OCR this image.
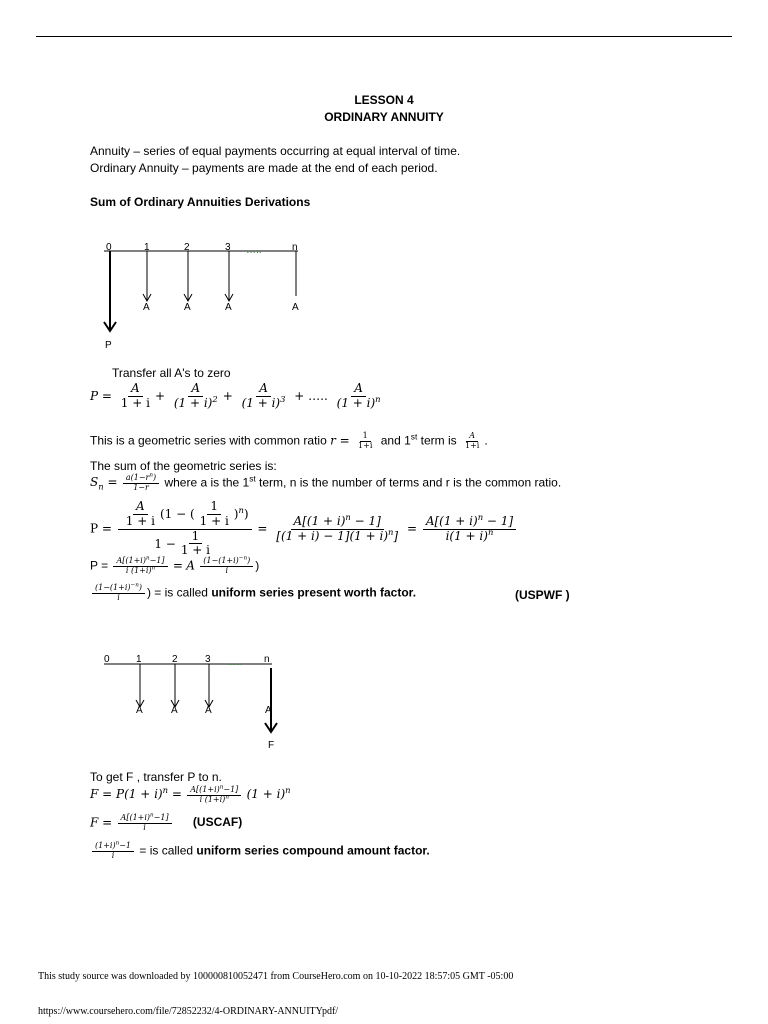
LESSON 4
ORDINARY ANNUITY
Annuity – series of equal payments occurring at equal interval of time.
Ordinary Annuity – payments are made at the end of each period.
Sum of Ordinary Annuities Derivations
0	1	2	3 …..	n
A	A	A	A
P
0	1	2	3 ….. n
A	A	A	A
F
Transfer all A's to zero
$P = \frac{A}{1 + i} + \frac{A}{(1 + i)^2} + \frac{A}{(1 + i)^3}$ + ….. $\frac{A}{(1 + i)^n}$
This is a geometric series with common ratio $r = \frac{1}{1+i}$ and 1st term is $\frac{A}{1+i}$ .
The sum of the geometric series is:
$S_n = \frac{a(1-r^n)}{1-r}$ where a is the 1st term, n is the number of terms and r is the common ratio.
$P = \frac{\frac{A}{1 + i} (1 - ( \frac{1}{1 + i} )^n)}{1 - \frac{1}{1 + i}} = \frac{A[(1 + i)^n - 1]}{[(1 + i) - 1](1 + i)^n]} = \frac{A[(1 + i)^n - 1]}{i(1 + i)^n}$
$P = \frac{A[(1+i)^n-1]}{i (1+i)^n} = A \frac{(1-(1+i)^{-n})}{i}$ )
$\frac{(1-(1+i)^{-n})}{i}$ ) = is called uniform series present worth factor.	(USPWF )
To get F , transfer P to n.
$F = P(1 + i)^n = \frac{A[(1+i)^n-1]}{i (1+i)^n} (1 + i)^n$
$F = \frac{A[(1+i)^n-1]}{i}$ (USCAF)
$\frac{(1+i)^n-1}{i}$ = is called uniform series compound amount factor.
This study source was downloaded by 100000810052471 from CourseHero.com on 10-10-2022 18:57:05 GMT -05:00
https://www.coursehero.com/file/72852232/4-ORDINARY-ANNUITYpdf/
